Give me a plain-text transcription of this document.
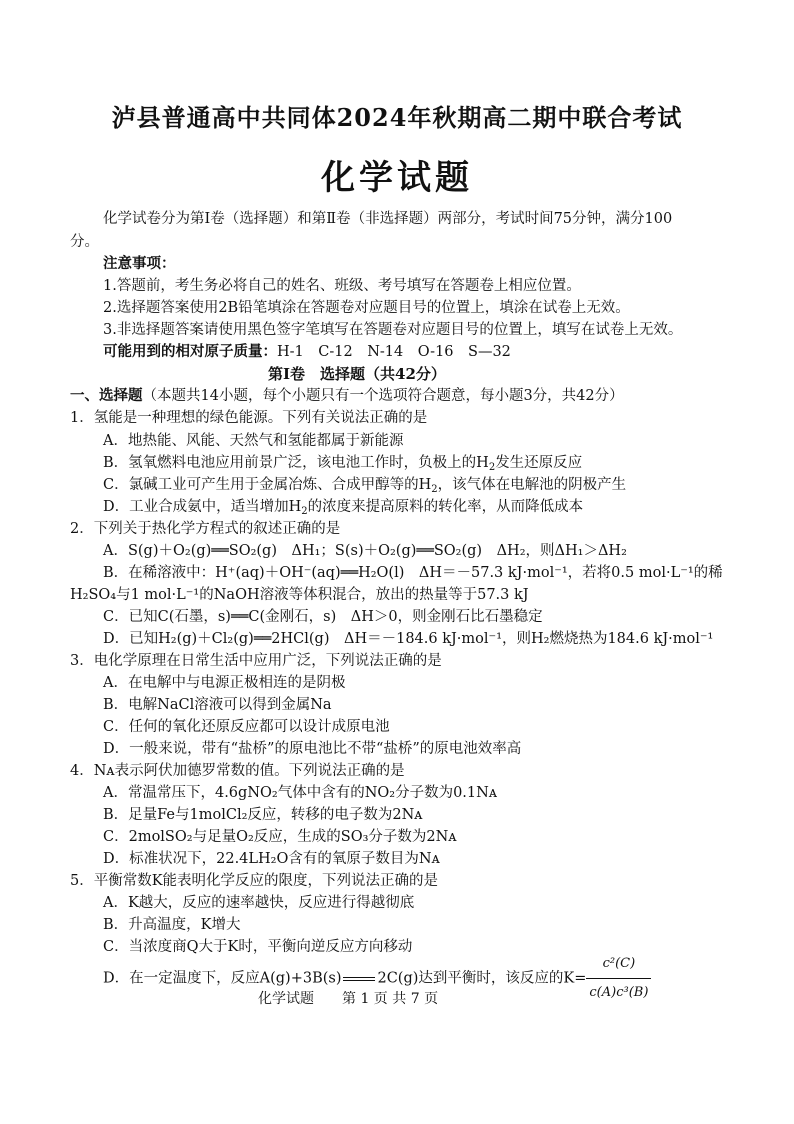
泸县普通高中共同体2024年秋期高二期中联合考试
化学试题
化学试卷分为第Ⅰ卷（选择题）和第Ⅱ卷（非选择题）两部分，考试时间75分钟，满分100
分。
注意事项：
1.答题前，考生务必将自己的姓名、班级、考号填写在答题卷上相应位置。
2.选择题答案使用2B铅笔填涂在答题卷对应题目号的位置上，填涂在试卷上无效。
3.非选择题答案请使用黑色签字笔填写在答题卷对应题目号的位置上，填写在试卷上无效。
可能用到的相对原子质量：H-1　C-12　N-14　O-16　S—32
第Ⅰ卷　选择题（共42分）
一、选择题（本题共14小题，每个小题只有一个选项符合题意，每小题3分，共42分）
1．氢能是一种理想的绿色能源。下列有关说法正确的是
A．地热能、风能、天然气和氢能都属于新能源
B．氢氧燃料电池应用前景广泛，该电池工作时，负极上的$H_2$发生还原反应
C．氯碱工业可产生用于金属冶炼、合成甲醇等的$H_2$，该气体在电解池的阴极产生
D．工业合成氨中，适当增加$H_2$的浓度来提高原料的转化率，从而降低成本
2．下列关于热化学方程式的叙述正确的是
A．S(g)＋O₂(g)══SO₂(g)　ΔH₁；S(s)＋O₂(g)══SO₂(g)　ΔH₂，则ΔH₁＞ΔH₂
B．在稀溶液中：H⁺(aq)＋OH⁻(aq)══H₂O(l)　ΔH＝－57.3 kJ·mol⁻¹，若将0.5 mol·L⁻¹的稀
H₂SO₄与1 mol·L⁻¹的NaOH溶液等体积混合，放出的热量等于57.3 kJ
C．已知C(石墨，s)══C(金刚石，s)　ΔH＞0，则金刚石比石墨稳定
D．已知H₂(g)＋Cl₂(g)══2HCl(g)　ΔH＝－184.6 kJ·mol⁻¹，则H₂燃烧热为184.6 kJ·mol⁻¹
3．电化学原理在日常生活中应用广泛，下列说法正确的是
A．在电解中与电源正极相连的是阴极
B．电解NaCl溶液可以得到金属Na
C．任何的氧化还原反应都可以设计成原电池
D．一般来说，带有“盐桥”的原电池比不带“盐桥”的原电池效率高
4．Nᴀ表示阿伏加德罗常数的值。下列说法正确的是
A．常温常压下，4.6gNO₂气体中含有的NO₂分子数为0.1Nᴀ
B．足量Fe与1molCl₂反应，转移的电子数为2Nᴀ
C．2molSO₂与足量O₂反应，生成的SO₃分子数为2Nᴀ
D．标准状况下，22.4LH₂O含有的氧原子数目为Nᴀ
5．平衡常数K能表明化学反应的限度，下列说法正确的是
A．K越大，反应的速率越快，反应进行得越彻底
B．升高温度，K增大
C．当浓度商Q大于K时，平衡向逆反应方向移动
D．在一定温度下，反应A(g)+3B(s) 2C(g)达到平衡时，该反应的$K= \frac{\text{c²(C)}}{\text{c(A)c³(B)}}$
化学试题 第 1 页 共 7 页
